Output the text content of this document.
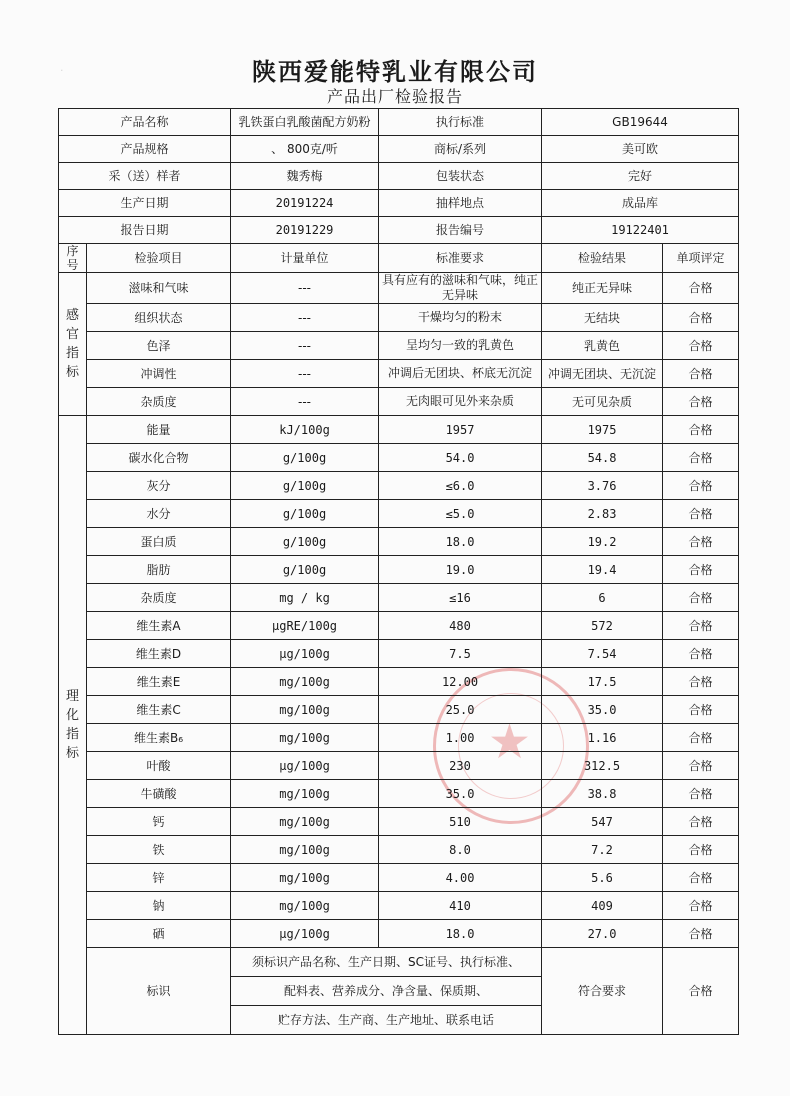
·
★
陕西爱能特乳业有限公司
产品出厂检验报告
产品名称		乳铁蛋白乳酸菌配方奶粉	执行标准	GB19644	
产品规格		、 800克/听	商标/系列	美可欧	
采（送）样者		魏秀梅	包装状态	完好	
生产日期		20191224	抽样地点	成品库	
报告日期		20191229	报告编号	19122401	
序号	检验项目	计量单位	标准要求	检验结果	单项评定
感官指标	滋味和气味	---	具有应有的滋味和气味，纯正无异味	纯正无异味	合格
	组织状态	---	干燥均匀的粉末	无结块	合格
	色泽	---	呈均匀一致的乳黄色	乳黄色	合格
	冲调性	---	冲调后无团块、杯底无沉淀	冲调无团块、无沉淀	合格
	杂质度	---	无肉眼可见外来杂质	无可见杂质	合格
理化指标	能量	kJ/100g	1957	1975	合格
	碳水化合物	g/100g	54.0	54.8	合格
	灰分	g/100g	≤6.0	3.76	合格
	水分	g/100g	≤5.0	2.83	合格
	蛋白质	g/100g	18.0	19.2	合格
	脂肪	g/100g	19.0	19.4	合格
	杂质度	mg / kg	≤16	6	合格
	维生素A	μgRE/100g	480	572	合格
	维生素D	μg/100g	7.5	7.54	合格
	维生素E	mg/100g	12.00	17.5	合格
	维生素C	mg/100g	25.0	35.0	合格
	维生素B₆	mg/100g	1.00	1.16	合格
	叶酸	μg/100g	230	312.5	合格
	牛磺酸	mg/100g	35.0	38.8	合格
	钙	mg/100g	510	547	合格
	铁	mg/100g	8.0	7.2	合格
	锌	mg/100g	4.00	5.6	合格
	钠	mg/100g	410	409	合格
	硒	μg/100g	18.0	27.0	合格
	标识	须标识产品名称、生产日期、SC证号、执行标准、
配料表、营养成分、净含量、保质期、
贮存方法、生产商、生产地址、联系电话		符合要求	合格
